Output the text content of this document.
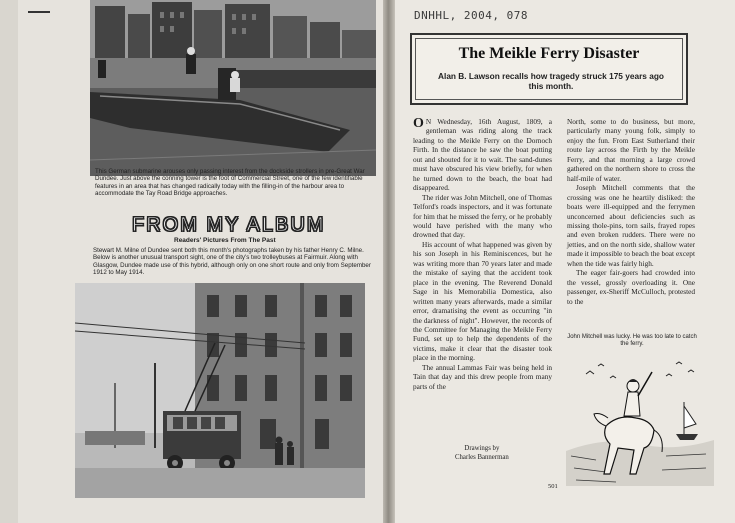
This German submarine arouses only passing interest from the dockside strollers in pre-Great War Dundee. Just above the conning tower is the foot of Commercial Street, one of the few identifiable features in an area that has changed radically today with the filling-in of the harbour area to accommodate the Tay Road Bridge approaches.
FROM MY ALBUM
Readers' Pictures From The Past
Stewart M. Milne of Dundee sent both this month's photographs taken by his father Henry C. Milne. Below is another unusual transport sight, one of the city's two trolleybuses at Fairmuir. Along with Glasgow, Dundee made use of this hybrid, although only on one short route and only from September 1912 to May 1914.
DNHHL, 2004, 078
The Meikle Ferry Disaster
Alan B. Lawson recalls how tragedy struck 175 years ago this month.

O N Wednesday, 16th August, 1809, a gentleman was riding along the track leading to the Meikle Ferry on the Dornoch Firth. In the distance he saw the boat putting out and shouted for it to wait. The sand-dunes must have obscured his view briefly, for when he turned down to the beach, the boat had disappeared.

The rider was John Mitchell, one of Thomas Telford's roads inspectors, and it was fortunate for him that he missed the ferry, or he probably would have perished with the many who drowned that day.

His account of what happened was given by his son Joseph in his Reminiscences, but he was writing more than 70 years later and made the mistake of saying that the accident took place in the evening. The Reverend Donald Sage in his Memorabilia Domestica, also written many years afterwards, made a similar error, dramatising the event as occurring "in the darkness of night". However, the records of the Committee for Managing the Meikle Ferry Fund, set up to help the dependents of the victims, make it clear that the disaster took place in the morning.

The annual Lammas Fair was being held in Tain that day and this drew people from many parts of the

North, some to do business, but more, particularly many young folk, simply to enjoy the fun. From East Sutherland their route lay across the Firth by the Meikle Ferry, and that morning a large crowd gathered on the northern shore to cross the half-mile of water.

Joseph Mitchell comments that the crossing was one he heartily disliked: the boats were ill-equipped and the ferrymen unconcerned about deficiencies such as missing thole-pins, torn sails, frayed ropes and even broken rudders. There were no jetties, and on the north side, shallow water made it impossible to beach the boat except when the tide was fairly high.

The eager fair-goers had crowded into the vessel, grossly overloading it. One passenger, ex-Sheriff McCulloch, protested to the

John Mitchell was lucky. He was too late to catch the ferry.
Drawings by
Charles Bannerman
501
